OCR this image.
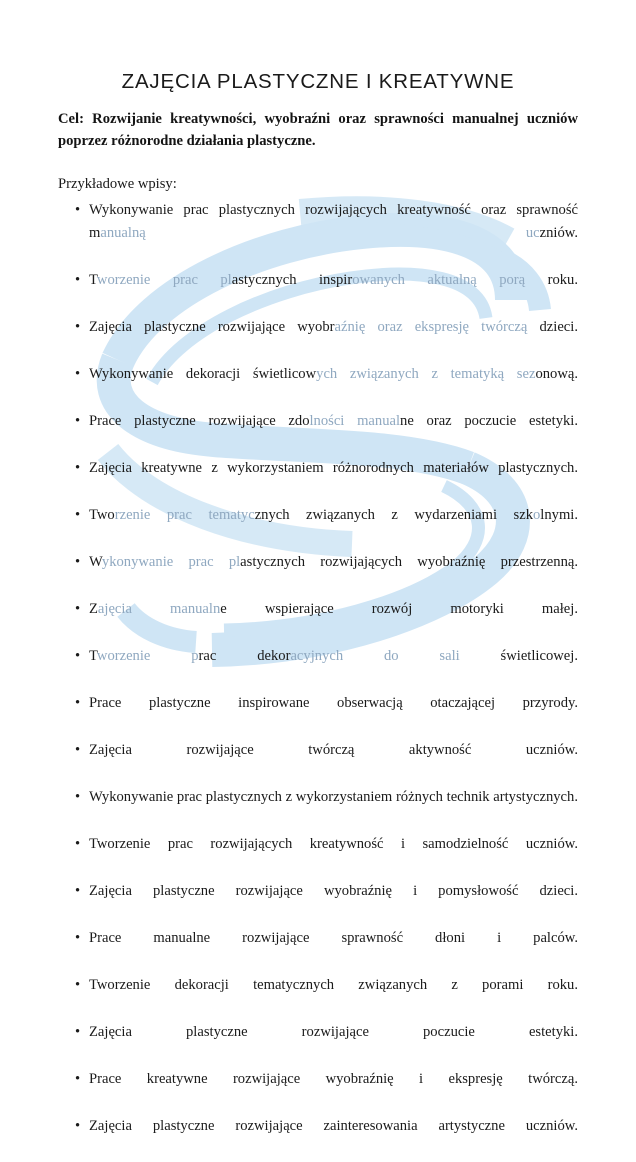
ZAJĘCIA PLASTYCZNE I KREATYWNE

Cel: Rozwijanie kreatywności, wyobraźni oraz sprawności manualnej uczniów poprzez różnorodne działania plastyczne.

Przykładowe wpisy:

• Wykonywanie prac plastycznych rozwijających kreatywność oraz sprawność manualną uczniów.
• Tworzenie prac plastycznych inspirowanych aktualną porą roku.
• Zajęcia plastyczne rozwijające wyobraźnię oraz ekspresję twórczą dzieci.
• Wykonywanie dekoracji świetlicowych związanych z tematyką sezonową.
• Prace plastyczne rozwijające zdolności manualne oraz poczucie estetyki.
• Zajęcia kreatywne z wykorzystaniem różnorodnych materiałów plastycznych.
• Tworzenie prac tematycznych związanych z wydarzeniami szkolnymi.
• Wykonywanie prac plastycznych rozwijających wyobraźnię przestrzenną.
• Zajęcia manualne wspierające rozwój motoryki małej.
• Tworzenie prac dekoracyjnych do sali świetlicowej.
• Prace plastyczne inspirowane obserwacją otaczającej przyrody.
• Zajęcia rozwijające twórczą aktywność uczniów.
• Wykonywanie prac plastycznych z wykorzystaniem różnych technik artystycznych.
• Tworzenie prac rozwijających kreatywność i samodzielność uczniów.
• Zajęcia plastyczne rozwijające wyobraźnię i pomysłowość dzieci.
• Prace manualne rozwijające sprawność dłoni i palców.
• Tworzenie dekoracji tematycznych związanych z porami roku.
• Zajęcia plastyczne rozwijające poczucie estetyki.
• Prace kreatywne rozwijające wyobraźnię i ekspresję twórczą.
• Zajęcia plastyczne rozwijające zainteresowania artystyczne uczniów.
